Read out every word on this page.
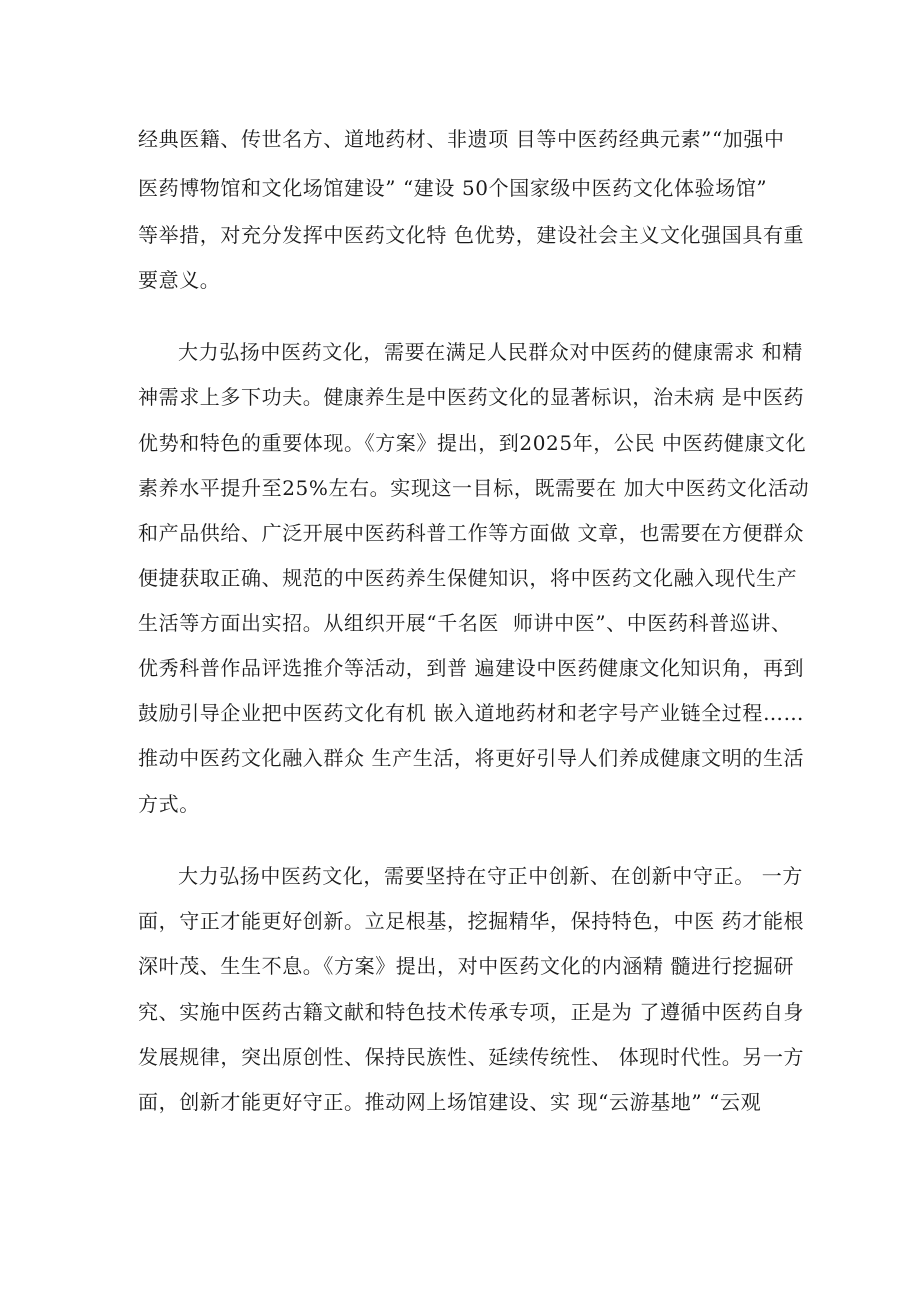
经典医籍、传世名方、道地药材、非遗项 目等中医药经典元素”“加强中
医药博物馆和文化场馆建设” “建设 50个国家级中医药文化体验场馆”
等举措，对充分发挥中医药文化特 色优势，建设社会主义文化强国具有重
要意义。
大力弘扬中医药文化，需要在满足人民群众对中医药的健康需求 和精
神需求上多下功夫。健康养生是中医药文化的显著标识，治未病 是中医药
优势和特色的重要体现。《方案》提出，到2025年，公民 中医药健康文化
素养水平提升至25%左右。实现这一目标，既需要在 加大中医药文化活动
和产品供给、广泛开展中医药科普工作等方面做 文章，也需要在方便群众
便捷获取正确、规范的中医药养生保健知识，将中医药文化融入现代生产
生活等方面出实招。从组织开展“千名医  师讲中医”、中医药科普巡讲、
优秀科普作品评选推介等活动，到普 遍建设中医药健康文化知识角，再到
鼓励引导企业把中医药文化有机 嵌入道地药材和老字号产业链全过程……
推动中医药文化融入群众 生产生活，将更好引导人们养成健康文明的生活
方式。
大力弘扬中医药文化，需要坚持在守正中创新、在创新中守正。 一方
面，守正才能更好创新。立足根基，挖掘精华，保持特色，中医 药才能根
深叶茂、生生不息。《方案》提出，对中医药文化的内涵精 髓进行挖掘研
究、实施中医药古籍文献和特色技术传承专项，正是为 了遵循中医药自身
发展规律，突出原创性、保持民族性、延续传统性、 体现时代性。另一方
面，创新才能更好守正。推动网上场馆建设、实 现“云游基地” “云观
